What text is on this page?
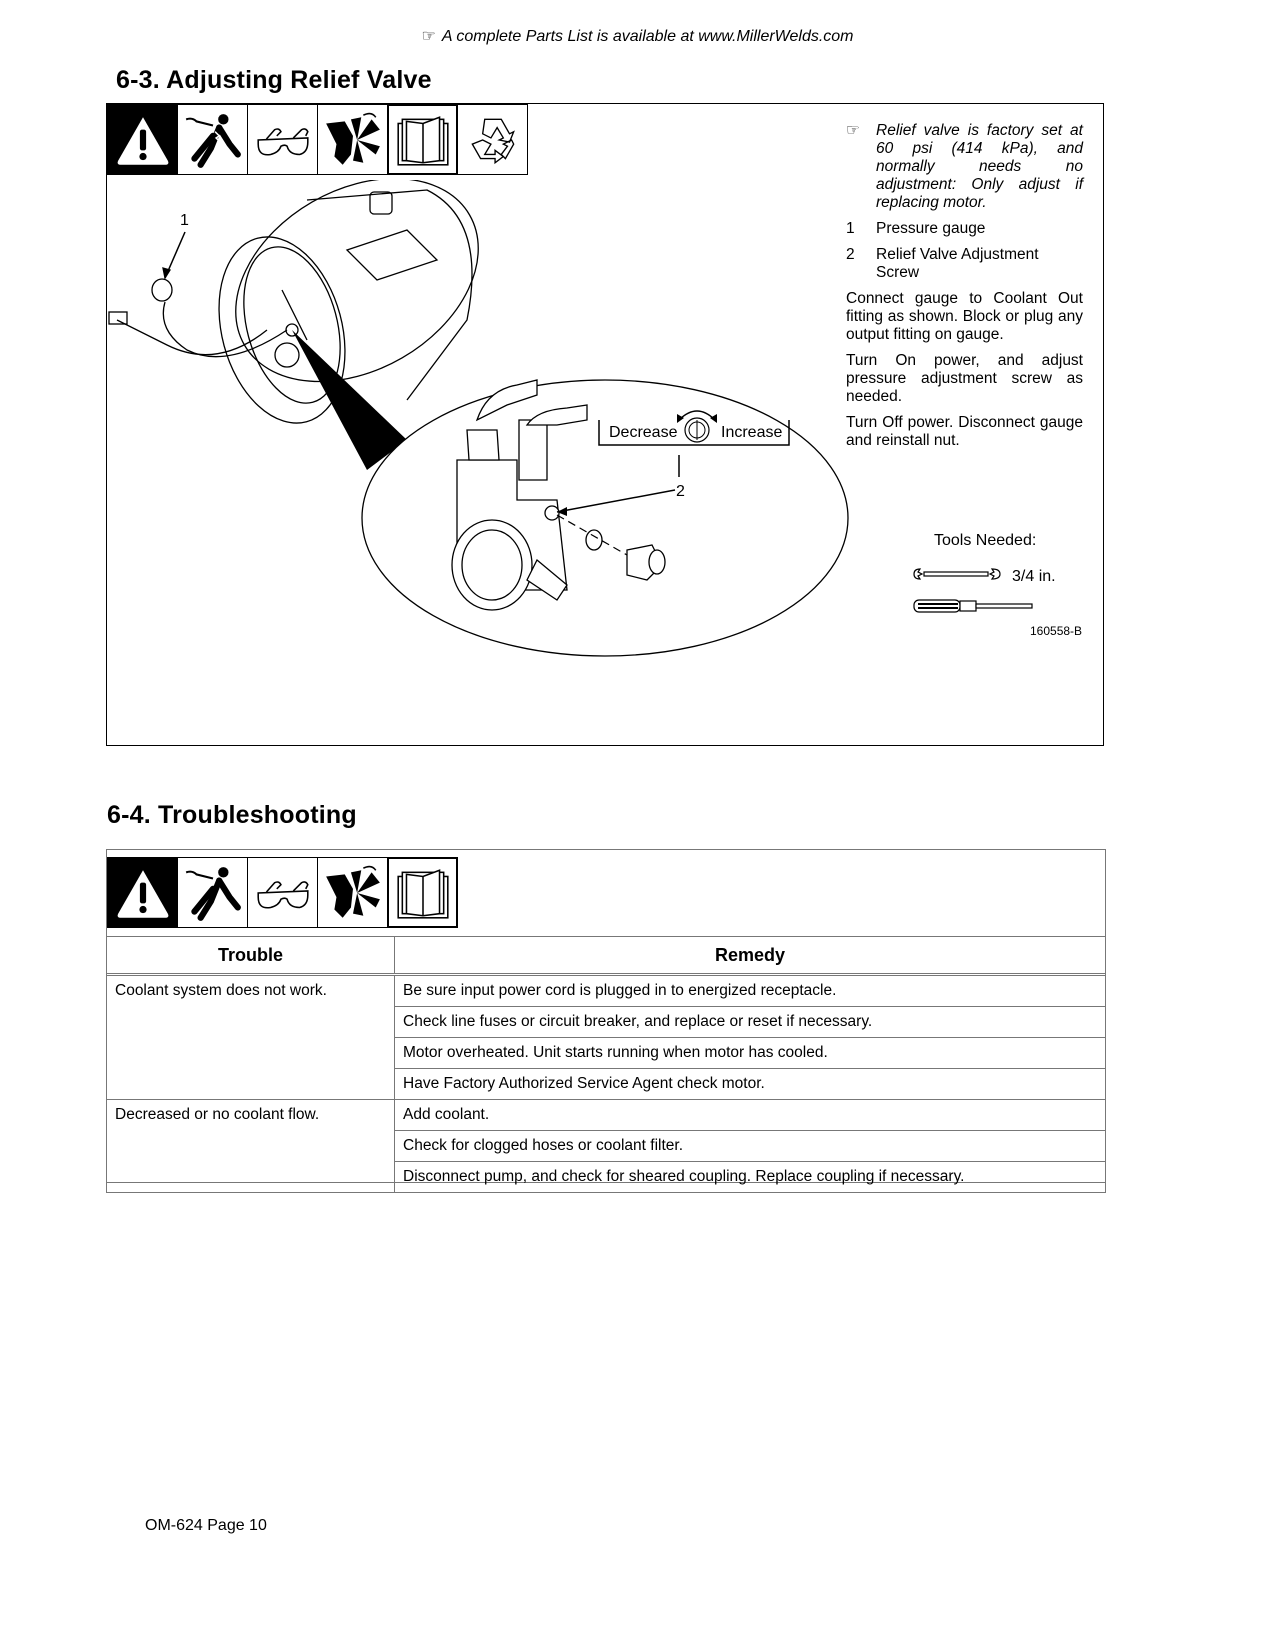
☞ A complete Parts List is available at www.MillerWelds.com
6-3. Adjusting Relief Valve
1
Decrease	Increase
2
☞	Relief valve is factory set at 60 psi (414 kPa), and normally needs no adjustment: Only adjust if replacing motor.
1	Pressure gauge
2	Relief Valve Adjustment Screw

Connect gauge to Coolant Out fitting as shown. Block or plug any output fitting on gauge.

Turn On power, and adjust pressure adjustment screw as needed.

Turn Off power. Disconnect gauge and reinstall nut.

Tools Needed:
3/4 in.
160558-B
6-4. Troubleshooting
Trouble	Remedy
Coolant system does not work.	Be sure input power cord is plugged in to energized receptacle.
	Check line fuses or circuit breaker, and replace or reset if necessary.
	Motor overheated. Unit starts running when motor has cooled.
	Have Factory Authorized Service Agent check motor.
Decreased or no coolant flow.	Add coolant.
	Check for clogged hoses or coolant filter.
	Disconnect pump, and check for sheared coupling. Replace coupling if necessary.
OM-624 Page 10
